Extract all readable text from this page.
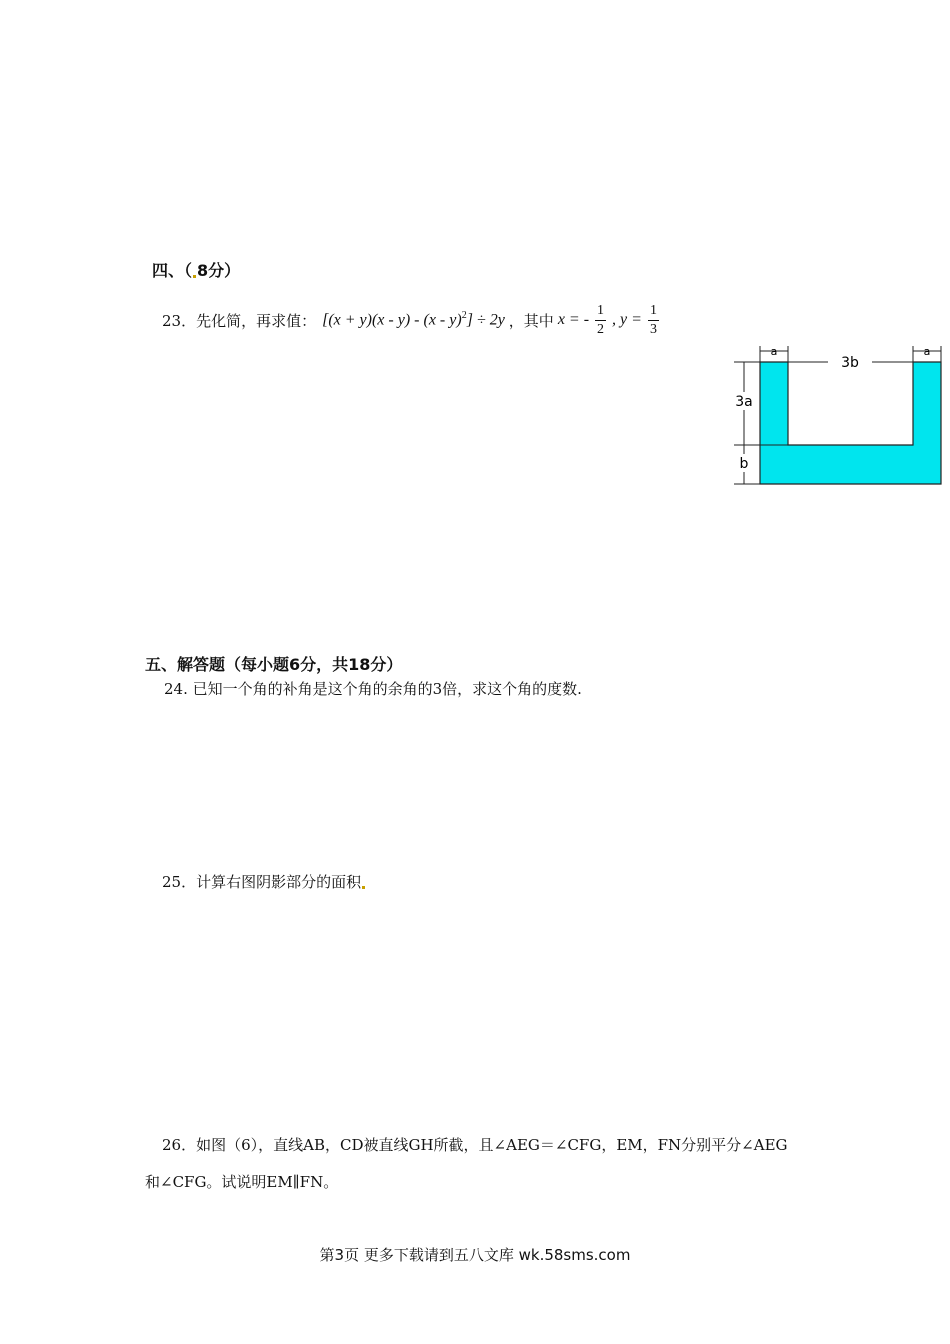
四、（ 8分）
23．先化简，再求值： [(x + y)(x - y) - (x - y)$^2$] ÷ 2y ，其中 x = - $\frac{1}{2}$ , $y = \frac{1}{3}$
a
3b
a
3a
b
五、解答题（每小题6分，共18分）
24. 已知一个角的补角是这个角的余角的3倍，求这个角的度数.
25．计算右图阴影部分的面积
26．如图（6），直线AB，CD被直线GH所截，且∠AEG＝∠CFG，EM，FN分别平分∠AEG
和∠CFG。试说明EM∥FN。
第3页 更多下载请到五八文库 wk.58sms.com
